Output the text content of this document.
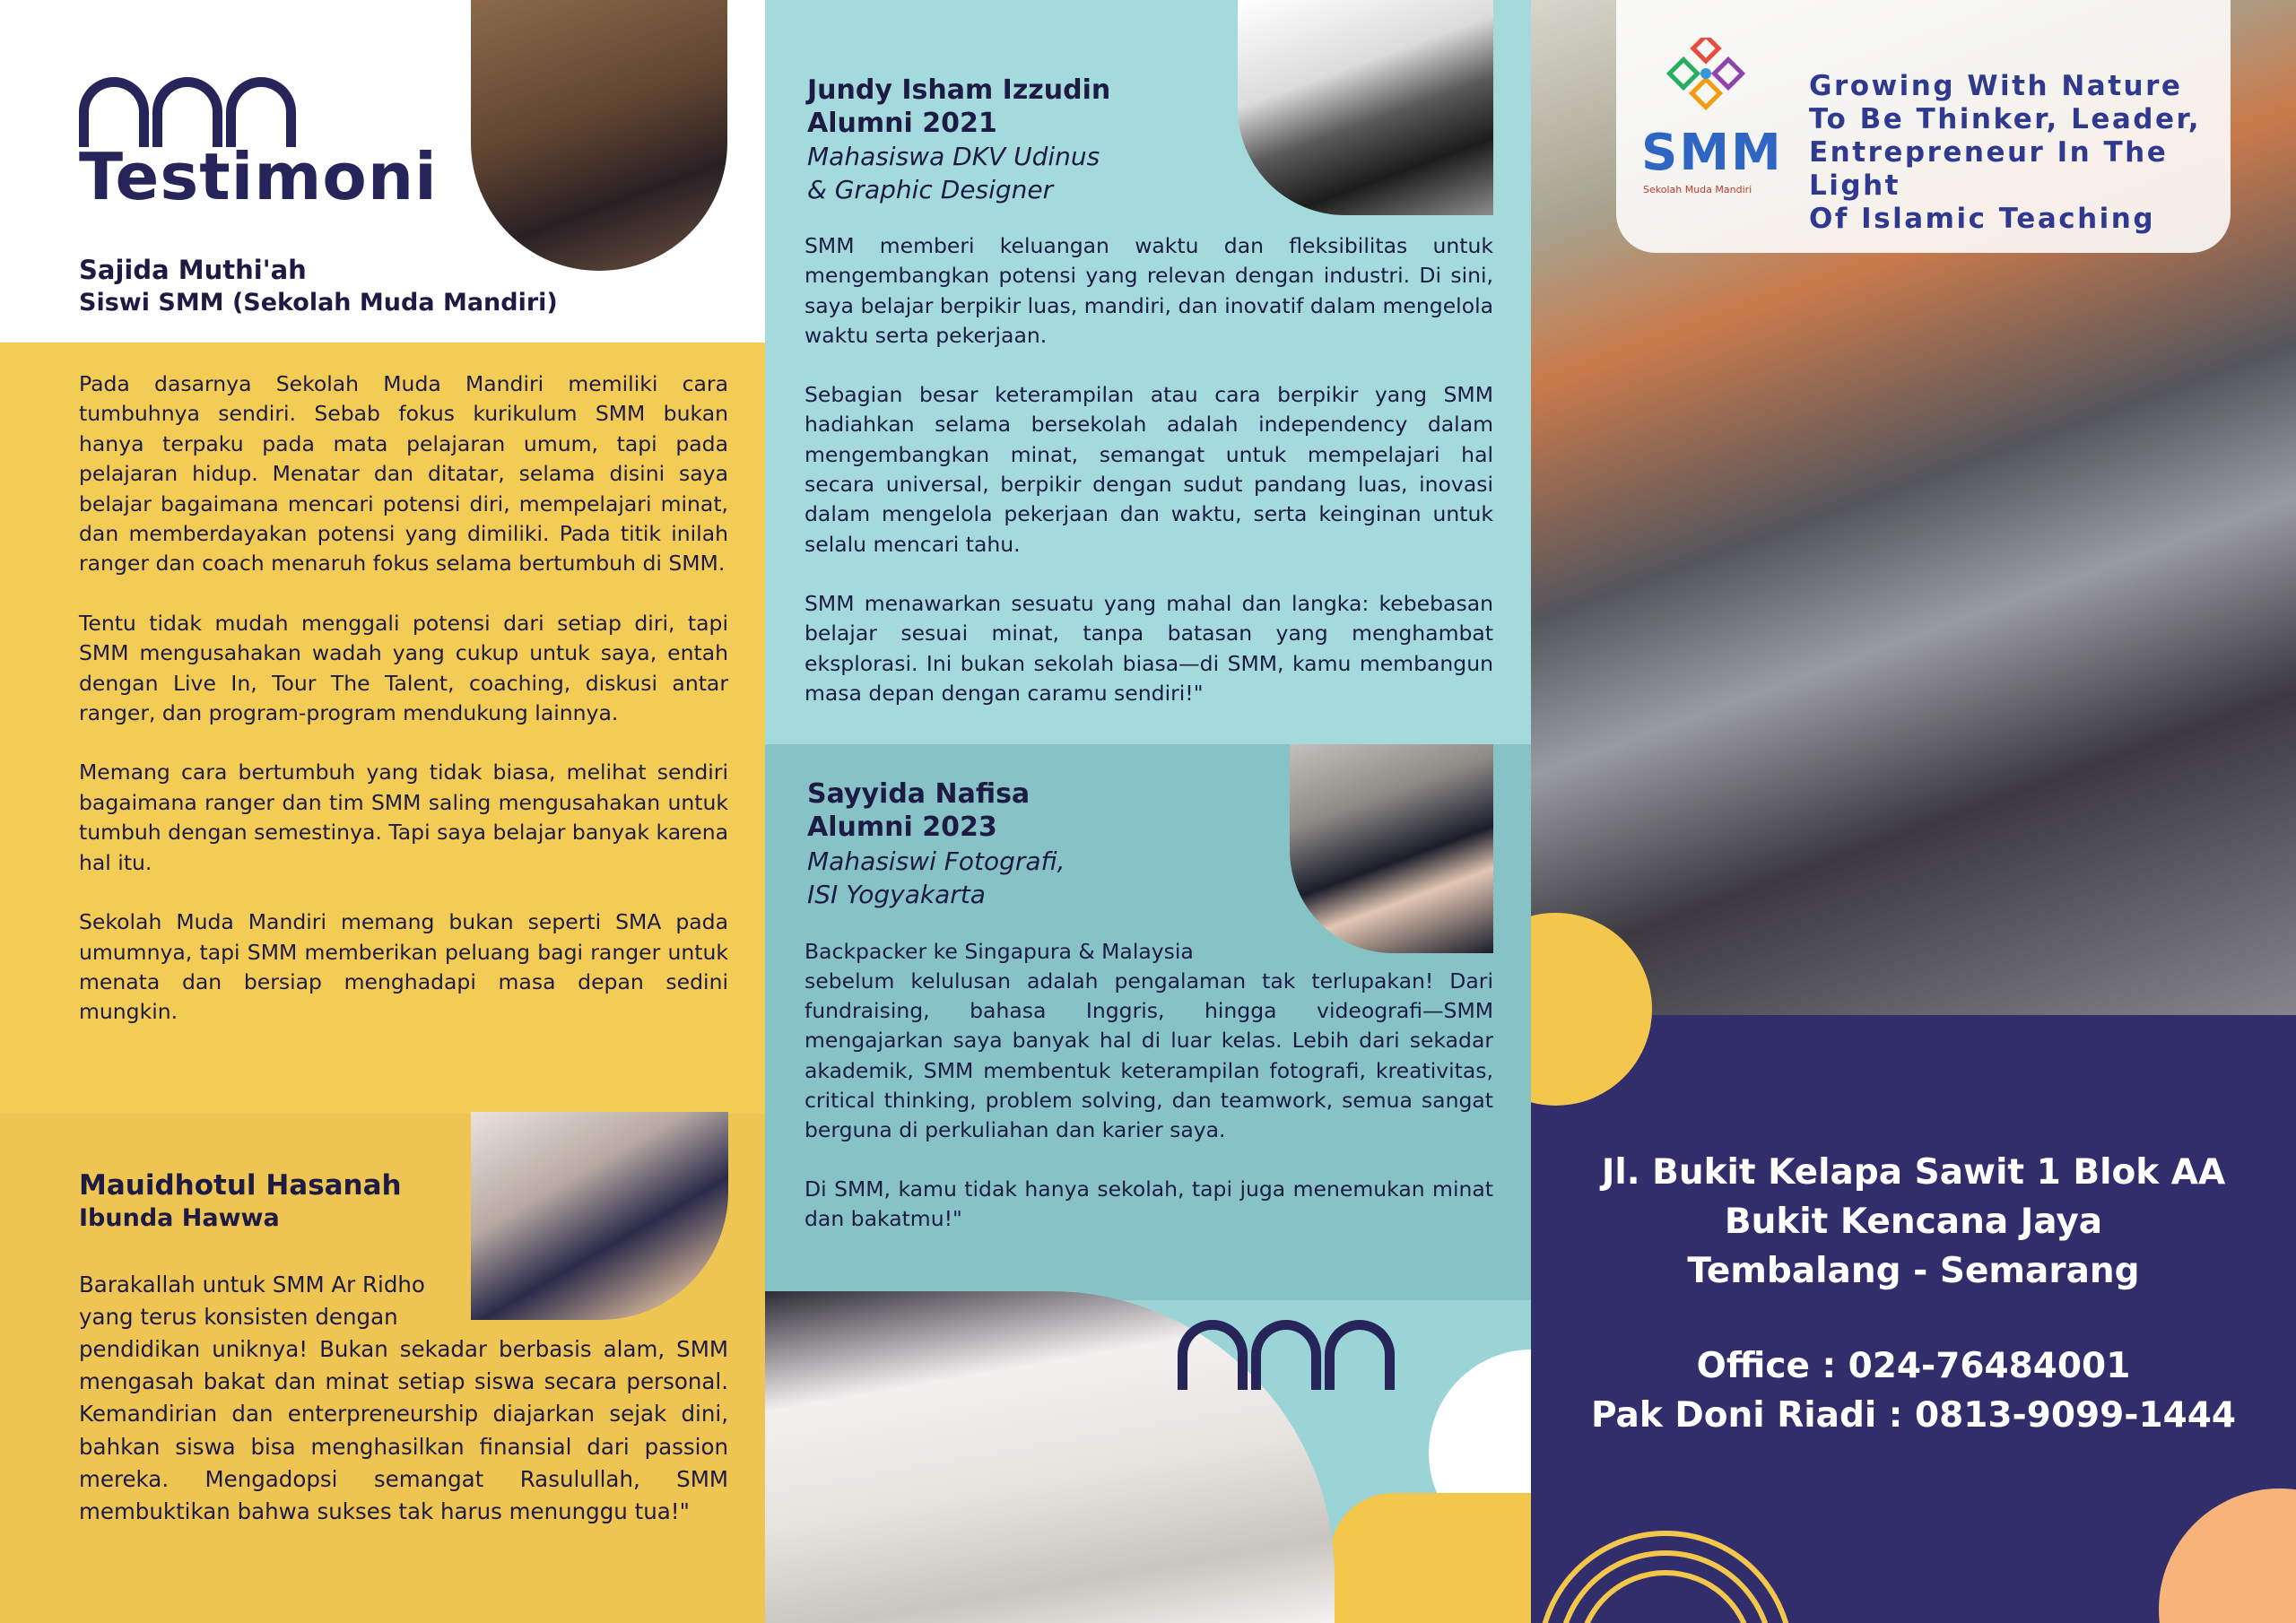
Testimoni
Sajida Muthi'ah
Siswi SMM (Sekolah Muda Mandiri)

Pada dasarnya Sekolah Muda Mandiri memiliki cara tumbuhnya sendiri. Sebab fokus kurikulum SMM bukan hanya terpaku pada mata pelajaran umum, tapi pada pelajaran hidup. Menatar dan ditatar, selama disini saya belajar bagaimana mencari potensi diri, mempelajari minat, dan memberdayakan potensi yang dimiliki. Pada titik inilah ranger dan coach menaruh fokus selama bertumbuh di SMM.

Tentu tidak mudah menggali potensi dari setiap diri, tapi SMM mengusahakan wadah yang cukup untuk saya, entah dengan Live In, Tour The Talent, coaching, diskusi antar ranger, dan program-program mendukung lainnya.

Memang cara bertumbuh yang tidak biasa, melihat sendiri bagaimana ranger dan tim SMM saling mengusahakan untuk tumbuh dengan semestinya. Tapi saya belajar banyak karena hal itu.

Sekolah Muda Mandiri memang bukan seperti SMA pada umumnya, tapi SMM memberikan peluang bagi ranger untuk menata dan bersiap menghadapi masa depan sedini mungkin.

Mauidhotul Hasanah
Ibunda Hawwa
Barakallah untuk SMM Ar Ridho yang terus konsisten dengan
pendidikan uniknya! Bukan sekadar berbasis alam, SMM mengasah bakat dan minat setiap siswa secara personal. Kemandirian dan enterpreneurship diajarkan sejak dini, bahkan siswa bisa menghasilkan finansial dari passion mereka. Mengadopsi semangat Rasulullah, SMM membuktikan bahwa sukses tak harus menunggu tua!"
Jundy Isham Izzudin
Alumni 2021
Mahasiswa DKV Udinus
& Graphic Designer

SMM memberi keluangan waktu dan fleksibilitas untuk mengembangkan potensi yang relevan dengan industri. Di sini, saya belajar berpikir luas, mandiri, dan inovatif dalam mengelola waktu serta pekerjaan.

Sebagian besar keterampilan atau cara berpikir yang SMM hadiahkan selama bersekolah adalah independency dalam mengembangkan minat, semangat untuk mempelajari hal secara universal, berpikir dengan sudut pandang luas, inovasi dalam mengelola pekerjaan dan waktu, serta keinginan untuk selalu mencari tahu.

SMM menawarkan sesuatu yang mahal dan langka: kebebasan belajar sesuai minat, tanpa batasan yang menghambat eksplorasi. Ini bukan sekolah biasa—di SMM, kamu membangun masa depan dengan caramu sendiri!"

Sayyida Nafisa
Alumni 2023
Mahasiswi Fotografi,
ISI Yogyakarta
Backpacker ke Singapura & Malaysia

sebelum kelulusan adalah pengalaman tak terlupakan! Dari fundraising, bahasa Inggris, hingga videografi—SMM mengajarkan saya banyak hal di luar kelas. Lebih dari sekadar akademik, SMM membentuk keterampilan fotografi, kreativitas, critical thinking, problem solving, dan teamwork, semua sangat berguna di perkuliahan dan karier saya.

Di SMM, kamu tidak hanya sekolah, tapi juga menemukan minat dan bakatmu!"

SMM
Sekolah Muda Mandiri
Growing With Nature
To Be Thinker, Leader,
Entrepreneur In The Light
Of Islamic Teaching
Jl. Bukit Kelapa Sawit 1 Blok AA
Bukit Kencana Jaya
Tembalang - Semarang
Office : 024-76484001
Pak Doni Riadi : 0813-9099-1444
